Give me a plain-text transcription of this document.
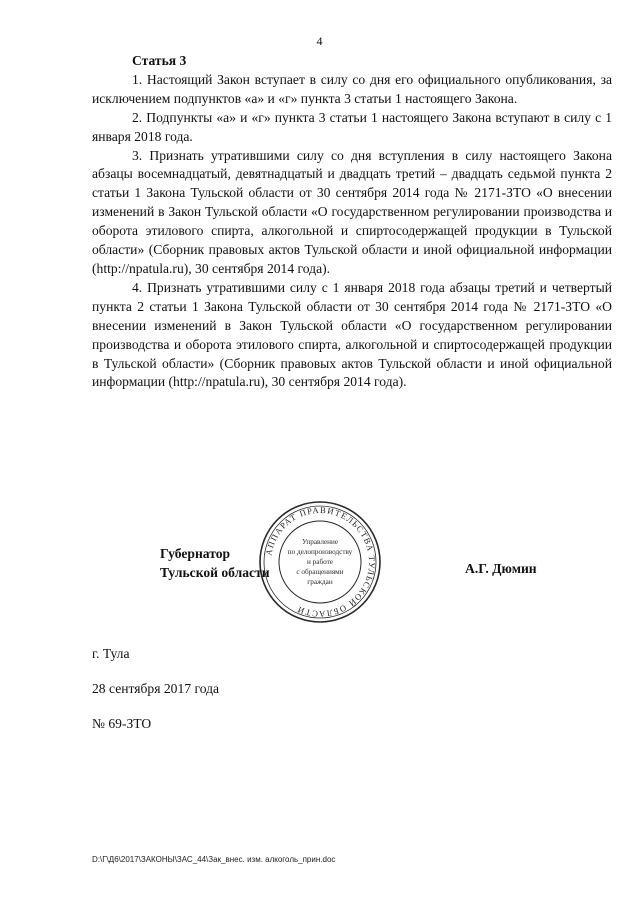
4

Статья 3

1. Настоящий Закон вступает в силу со дня его официального опубликования, за исключением подпунктов «а» и «г» пункта 3 статьи 1 настоящего Закона.

2. Подпункты «а» и «г» пункта 3 статьи 1 настоящего Закона вступают в силу с 1 января 2018 года.

3. Признать утратившими силу со дня вступления в силу настоящего Закона абзацы восемнадцатый, девятнадцатый и двадцать третий – двадцать седьмой пункта 2 статьи 1 Закона Тульской области от 30 сентября 2014 года № 2171-ЗТО «О внесении изменений в Закон Тульской области «О государственном регулировании производства и оборота этилового спирта, алкогольной и спиртосодержащей продукции в Тульской области» (Сборник правовых актов Тульской области и иной официальной информации (http://npatula.ru), 30 сентября 2014 года).

4. Признать утратившими силу с 1 января 2018 года абзацы третий и четвертый пункта 2 статьи 1 Закона Тульской области от 30 сентября 2014 года № 2171-ЗТО «О внесении изменений в Закон Тульской области «О государственном регулировании производства и оборота этилового спирта, алкогольной и спиртосодержащей продукции в Тульской области» (Сборник правовых актов Тульской области и иной официальной информации (http://npatula.ru), 30 сентября 2014 года).

АППАРАТ ПРАВИТЕЛЬСТВА ТУЛЬСКОЙ ОБЛАСТИ
Управление
по делопроизводству
и работе
с обращениями
граждан
Губернатор
Тульской области	А.Г. Дюмин
г. Тула
28 сентября 2017 года
№ 69-ЗТО
D:\Г\Д6\2017\ЗАКОНЫ\ЗАС_44\Зак_внес. изм. алкоголь_прин.doc
